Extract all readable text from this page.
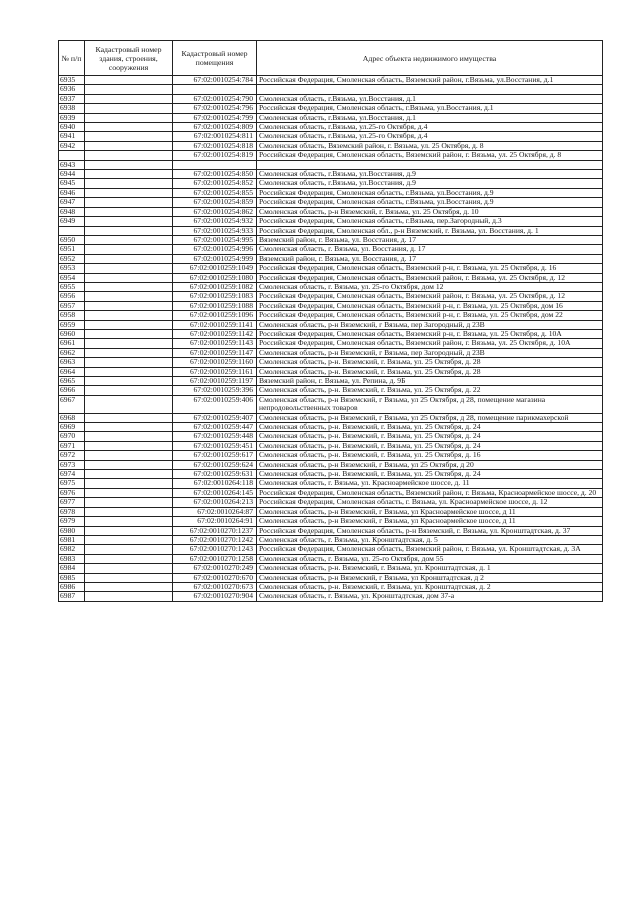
№ п/п	Кадастровый номер здания, строения, сооружения	Кадастровый номер помещения	Адрес объекта недвижимого имущества
6935		67:02:0010254:784	Российская Федерация, Смоленская область, Вяземский район, г.Вязьма, ул.Восстания, д.1
6936			
6937		67:02:0010254:790	Смоленская область, г.Вязьма, ул.Восстания, д.1
6938		67:02:0010254:796	Российская Федерация, Смоленская область, г.Вязьма, ул.Восстания, д.1
6939		67:02:0010254:799	Смоленская область, г.Вязьма, ул.Восстания, д.1
6940		67:02:0010254:809	Смоленская область, г.Вязьма, ул.25-го Октября, д.4
6941		67:02:0010254:811	Смоленская область, г.Вязьма, ул.25-го Октября, д.4
6942		67:02:0010254:818	Смоленская область, Вяземский район, г. Вязьма, ул. 25 Октября, д. 8
		67:02:0010254:819	Российская Федерация, Смоленская область, Вяземский район, г. Вязьма, ул. 25 Октября, д. 8
6943			
6944		67:02:0010254:850	Смоленская область, г.Вязьма, ул.Восстания, д.9
6945		67:02:0010254:852	Смоленская область, г.Вязьма, ул.Восстания, д.9
6946		67:02:0010254:855	Российская Федерация, Смоленская область, г.Вязьма, ул.Восстания, д.9
6947		67:02:0010254:859	Российская Федерация, Смоленская область, г.Вязьма, ул.Восстания, д.9
6948		67:02:0010254:862	Смоленская область, р-н Вяземский, г. Вязьма, ул. 25 Октября, д. 10
6949		67:02:0010254:932	Российская Федерация, Смоленская область, г.Вязьма, пер.Загородный, д.3
		67:02:0010254:933	Российская Федерация, Смоленская обл., р-н Вяземский, г. Вязьма, ул. Восстания, д. 1
6950		67:02:0010254:995	Вяземский район, г. Вязьма, ул. Восстания, д. 17
6951		67:02:0010254:996	Смоленская область, г. Вязьма, ул. Восстания, д. 17
6952		67:02:0010254:999	Вяземский район, г. Вязьма, ул. Восстания, д. 17
6953		67:02:0010259:1049	Российская Федерация, Смоленская область, Вяземский р-н, г. Вязьма, ул. 25 Октября, д. 16
6954		67:02:0010259:1080	Российская Федерация, Смоленская область, Вяземский район, г. Вязьма, ул. 25 Октября, д. 12
6955		67:02:0010259:1082	Смоленская область, г. Вязьма, ул. 25-го Октября, дом 12
6956		67:02:0010259:1083	Российская Федерация, Смоленская область, Вяземский район, г. Вязьма, ул. 25 Октября, д. 12
6957		67:02:0010259:1088	Российская Федерация, Смоленская область, Вяземский р-н, г. Вязьма, ул. 25 Октября, дом 16
6958		67:02:0010259:1096	Российская Федерация, Смоленская область, Вяземский р-н, г. Вязьма, ул. 25 Октября, дом 22
6959		67:02:0010259:1141	Смоленская область, р-н Вяземский, г Вязьма, пер Загородный, д 23В
6960		67:02:0010259:1142	Российская Федерация, Смоленская область, Вяземский р-н, г. Вязьма, ул. 25 Октября, д. 10А
6961		67:02:0010259:1143	Российская Федерация, Смоленская область, Вяземский район, г. Вязьма, ул. 25 Октября, д. 10А
6962		67:02:0010259:1147	Смоленская область, р-н Вяземский, г Вязьма, пер Загородный, д 23В
6963		67:02:0010259:1160	Смоленская область, р-н. Вяземский, г. Вязьма, ул. 25 Октября, д. 28
6964		67:02:0010259:1161	Смоленская область, р-н. Вяземский, г. Вязьма, ул. 25 Октября, д. 28
6965		67:02:0010259:1197	Вяземский район, г. Вязьма, ул. Репина, д. 9Б
6966		67:02:0010259:396	Смоленская область, р-н. Вяземский, г. Вязьма, ул. 25 Октября, д. 22
6967		67:02:0010259:406	Смоленская область, р-н Вяземский, г Вязьма, ул 25 Октября, д 28, помещение магазина непродовольственных товаров
6968		67:02:0010259:407	Смоленская область, р-н Вяземский, г Вязьма, ул 25 Октября, д 28, помещение парикмахерской
6969		67:02:0010259:447	Смоленская область, р-н. Вяземский, г. Вязьма, ул. 25 Октября, д. 24
6970		67:02:0010259:448	Смоленская область, р-н. Вяземский, г. Вязьма, ул. 25 Октября, д. 24
6971		67:02:0010259:451	Смоленская область, р-н. Вяземский, г. Вязьма, ул. 25 Октября, д. 24
6972		67:02:0010259:617	Смоленская область, р-н. Вяземский, г. Вязьма, ул. 25 Октября, д. 16
6973		67:02:0010259:624	Смоленская область, р-н Вяземский, г Вязьма, ул 25 Октября, д 20
6974		67:02:0010259:631	Смоленская область, р-н. Вяземский, г. Вязьма, ул. 25 Октября, д. 24
6975		67:02:0010264:118	Смоленская область, г. Вязьма, ул. Красноармейское шоссе, д. 11
6976		67:02:0010264:145	Российская Федерация, Смоленская область, Вяземский район, г. Вязьма, Красноармейское шоссе, д. 20
6977		67:02:0010264:213	Российская Федерация, Смоленская область, г. Вязьма, ул. Красноармейское шоссе, д. 12
6978		67:02:0010264:87	Смоленская область, р-н Вяземский, г Вязьма, ул Красноармейское шоссе, д 11
6979		67:02:0010264:91	Смоленская область, р-н Вяземский, г Вязьма, ул Красноармейское шоссе, д 11
6980		67:02:0010270:1237	Российская Федерация, Смоленская область, р-н Вяземский, г. Вязьма, ул. Кронштадтская, д. 37
6981		67:02:0010270:1242	Смоленская область, г. Вязьма, ул. Кронштадтская, д. 5
6982		67:02:0010270:1243	Российская Федерация, Смоленская область, Вяземский район, г. Вязьма, ул. Кронштадтская, д. 3А
6983		67:02:0010270:1258	Смоленская область, г. Вязьма, ул. 25-го Октября, дом 55
6984		67:02:0010270:249	Смоленская область, р-н. Вяземский, г. Вязьма, ул. Кронштадтская, д. 1
6985		67:02:0010270:670	Смоленская область, р-н Вяземский, г Вязьма, ул Кронштадтская, д 2
6986		67:02:0010270:673	Смоленская область, р-н. Вяземский, г. Вязьма, ул. Кронштадтская, д. 2
6987		67:02:0010270:904	Смоленская область, г. Вязьма, ул. Кронштадтская, дом 37-а
